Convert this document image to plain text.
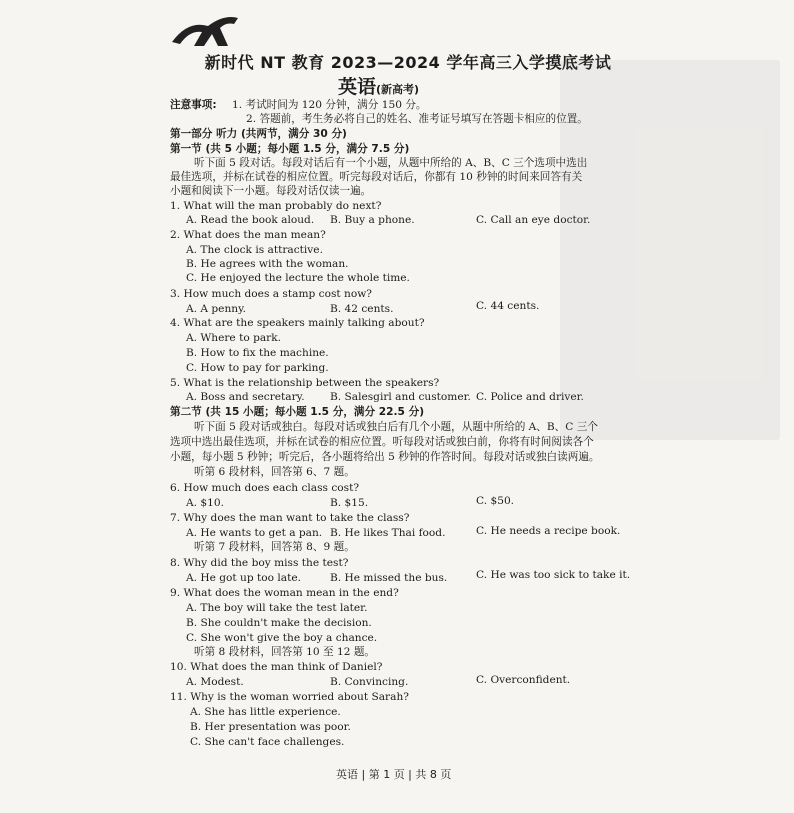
新时代 NT 教育 2023—2024 学年高三入学摸底考试
英语(新高考)
注意事项: 1. 考试时间为 120 分钟，满分 150 分。
2. 答题前，考生务必将自己的姓名、准考证号填写在答题卡相应的位置。
第一部分 听力 (共两节，满分 30 分)
第一节 (共 5 小题；每小题 1.5 分，满分 7.5 分)
听下面 5 段对话。每段对话后有一个小题，从题中所给的 A、B、C 三个选项中选出
最佳选项，并标在试卷的相应位置。听完每段对话后，你都有 10 秒钟的时间来回答有关
小题和阅读下一小题。每段对话仅读一遍。
1. What will the man probably do next?
A. Read the book aloud. B. Buy a phone.	C. Call an eye doctor.
2. What does the man mean?
A. The clock is attractive.
B. He agrees with the woman.
C. He enjoyed the lecture the whole time.
3. How much does a stamp cost now?
A. A penny.	B. 42 cents.	C. 44 cents.
4. What are the speakers mainly talking about?
A. Where to park.
B. How to fix the machine.
C. How to pay for parking.
5. What is the relationship between the speakers?
A. Boss and secretary. B. Salesgirl and customer. C. Police and driver.
第二节 (共 15 小题；每小题 1.5 分，满分 22.5 分)
听下面 5 段对话或独白。每段对话或独白后有几个小题，从题中所给的 A、B、C 三个
选项中选出最佳选项，并标在试卷的相应位置。听每段对话或独白前，你将有时间阅读各个
小题，每小题 5 秒钟；听完后，各小题将给出 5 秒钟的作答时间。每段对话或独白读两遍。
听第 6 段材料，回答第 6、7 题。
6. How much does each class cost?
A. $10.	B. $15.	C. $50.
7. Why does the man want to take the class?
A. He wants to get a pan. B. He likes Thai food.	C. He needs a recipe book.
听第 7 段材料，回答第 8、9 题。
8. Why did the boy miss the test?
A. He got up too late.	B. He missed the bus.	C. He was too sick to take it.
9. What does the woman mean in the end?
A. The boy will take the test later.
B. She couldn't make the decision.
C. She won't give the boy a chance.
听第 8 段材料，回答第 10 至 12 题。
10. What does the man think of Daniel?
A. Modest.	B. Convincing.	C. Overconfident.
11. Why is the woman worried about Sarah?
A. She has little experience.
B. Her presentation was poor.
C. She can't face challenges.
英语 | 第 1 页 | 共 8 页
